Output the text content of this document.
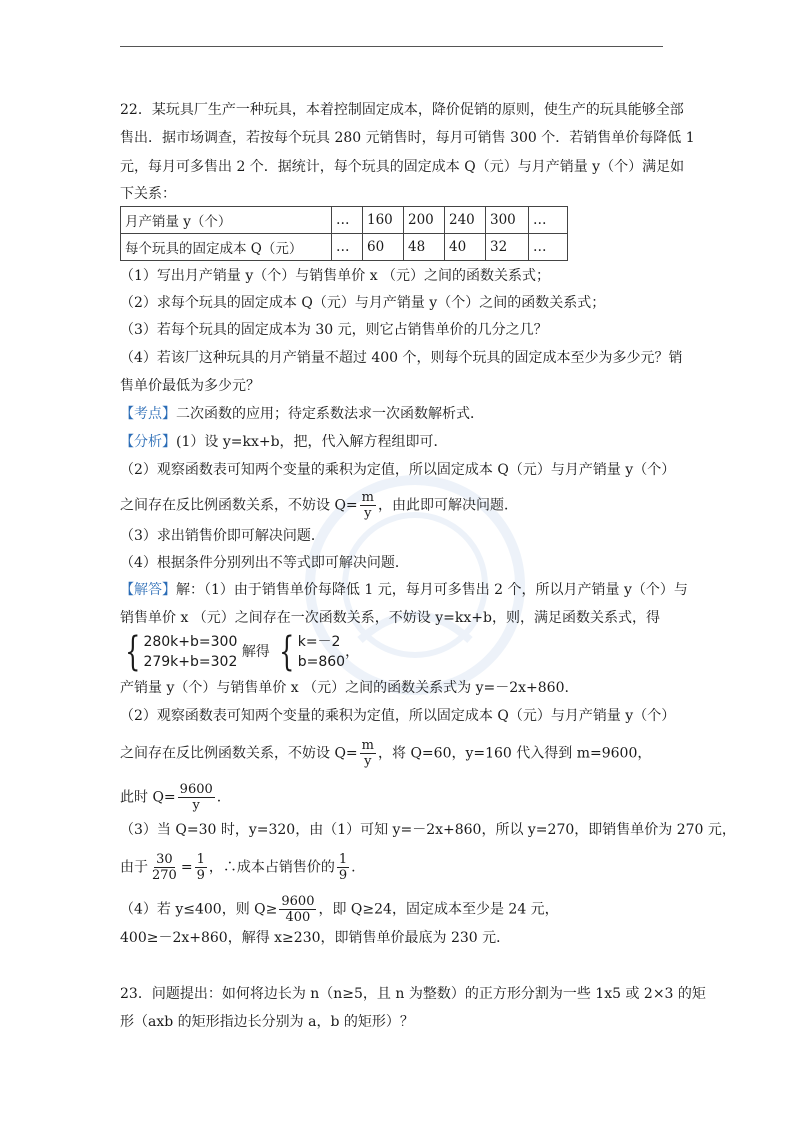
22．某玩具厂生产一种玩具，本着控制固定成本，降价促销的原则，使生产的玩具能够全部
售出．据市场调查，若按每个玩具 280 元销售时，每月可销售 300 个．若销售单价每降低 1
元，每月可多售出 2 个．据统计，每个玩具的固定成本 Q（元）与月产销量 y（个）满足如
下关系：
月产销量 y（个）	…	160	200	240	300	…
每个玩具的固定成本 Q（元）	…	60	48	40	32	…
（1）写出月产销量 y（个）与销售单价 x （元）之间的函数关系式；
（2）求每个玩具的固定成本 Q（元）与月产销量 y（个）之间的函数关系式；
（3）若每个玩具的固定成本为 30 元，则它占销售单价的几分之几？
（4）若该厂这种玩具的月产销量不超过 400 个，则每个玩具的固定成本至少为多少元？销
售单价最低为多少元？
【考点】二次函数的应用；待定系数法求一次函数解析式．
【分析】(1）设 y=kx+b，把，代入解方程组即可．
（2）观察函数表可知两个变量的乘积为定值，所以固定成本 Q（元）与月产销量 y（个）
之间存在反比例函数关系，不妨设 $Q= \frac{m}{y}$ ，由此即可解决问题．
（3）求出销售价即可解决问题．
（4）根据条件分别列出不等式即可解决问题．
【解答】解：（1）由于销售单价每降低 1 元，每月可多售出 2 个，所以月产销量 y（个）与
销售单价 x （元）之间存在一次函数关系，不妨设 y=kx+b，则，满足函数关系式，得
{ 280k+b=300
279k+b=302
解得 { k=－2
b=860
，
产销量 y（个）与销售单价 x （元）之间的函数关系式为 y=－2x+860.
（2）观察函数表可知两个变量的乘积为定值，所以固定成本 Q（元）与月产销量 y（个）
之间存在反比例函数关系，不妨设 $Q= \frac{m}{y}$ ，将 Q=60，y=160 代入得到 m=9600，
此时 $Q= \frac{9600}{y}$ .
（3）当 Q=30 时，y=320，由（1）可知 y=－2x+860，所以 y=270，即销售单价为 270 元，
由于 $\frac{30}{270} = \frac{1}{9}$ ，∴成本占销售价的 $\frac{1}{9}$ .
（4）若 y≤400，则 $Q\ge \frac{9600}{400}$ ，即 Q≥24，固定成本至少是 24 元，
400≥－2x+860，解得 x≥230，即销售单价最底为 230 元．
23．问题提出：如何将边长为 n（n≥5，且 n 为整数）的正方形分割为一些 1x5 或 2×3 的矩
形（axb 的矩形指边长分别为 a，b 的矩形）？
